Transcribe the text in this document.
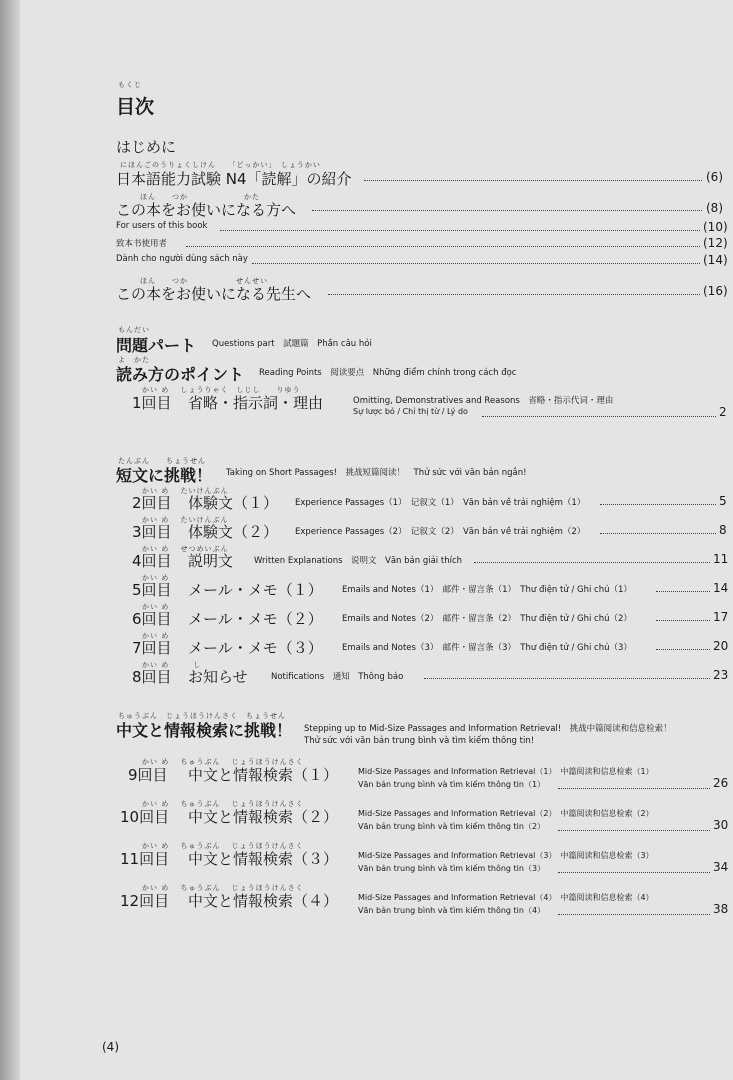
もくじ
目次
はじめに
にほんごのうりょくしけん　　「どっかい」　しょうかい
日本語能力試験 N4「読解」の紹介	(6)
ほん　　つか　　　　　　　かた
この本をお使いになる方へ	(8)
For users of this book	(10)
致本书使用者	(12)
Dành cho người dùng sách này	(14)
ほん　　つか　　　　　　せんせい
この本をお使いになる先生へ	(16)
もんだい
問題パート Questions part　試題篇　Phần câu hỏi
よ　かた
読み方のポイント Reading Points　阅读要点　Những điểm chính trong cách đọc
かい め　 しょうりゃく　しじし　　りゆう
1回目 省略・指示詞・理由	Omitting, Demonstratives and Reasons　省略・指示代词・理由
Sự lược bỏ / Chỉ thị từ / Lý do	2
たんぶん　　ちょうせん
短文に挑戦！ Taking on Short Passages!　挑战短篇阅读！　Thử sức với văn bản ngắn!
かい め　 たいけんぶん
2回目 体験文（１） Experience Passages（1）　记叙文（1）　Văn bản về trải nghiệm（1）	5
かい め　 たいけんぶん
3回目 体験文（２） Experience Passages（2）　记叙文（2）　Văn bản về trải nghiệm（2）	8
かい め　 せつめいぶん
4回目 説明文 Written Explanations　说明文　Văn bản giải thích	11
かい め
5回目 メール・メモ（１） Emails and Notes（1）　邮件・留言条（1）　Thư điện tử / Ghi chú（1）	14
かい め
6回目 メール・メモ（２） Emails and Notes（2）　邮件・留言条（2）　Thư điện tử / Ghi chú（2）	17
かい め
7回目 メール・メモ（３） Emails and Notes（3）　邮件・留言条（3）　Thư điện tử / Ghi chú（3）	20
かい め　　　し
8回目 お知らせ	Notifications　通知　Thông báo	23
ちゅうぶん　じょうほうけんさく　ちょうせん
中文と情報検索に挑戦！ Stepping up to Mid-Size Passages and Information Retrieval!　挑战中篇阅读和信息检索！
Thử sức với văn bản trung bình và tìm kiếm thông tin!
かい め　 ちゅうぶん　 じょうほうけんさく
9回目 中文と情報検索（１） Mid-Size Passages and Information Retrieval（1）　中篇阅读和信息检索（1）
Văn bản trung bình và tìm kiếm thông tin（1）	26
かい め　 ちゅうぶん　 じょうほうけんさく
10回目 中文と情報検索（２） Mid-Size Passages and Information Retrieval（2）　中篇阅读和信息检索（2）
Văn bản trung bình và tìm kiếm thông tin（2）	30
かい め　 ちゅうぶん　 じょうほうけんさく
11回目 中文と情報検索（３） Mid-Size Passages and Information Retrieval（3）　中篇阅读和信息检索（3）
Văn bản trung bình và tìm kiếm thông tin（3）	34
かい め　 ちゅうぶん　 じょうほうけんさく
12回目 中文と情報検索（４） Mid-Size Passages and Information Retrieval（4）　中篇阅读和信息检索（4）
Văn bản trung bình và tìm kiếm thông tin（4）	38
(4)
